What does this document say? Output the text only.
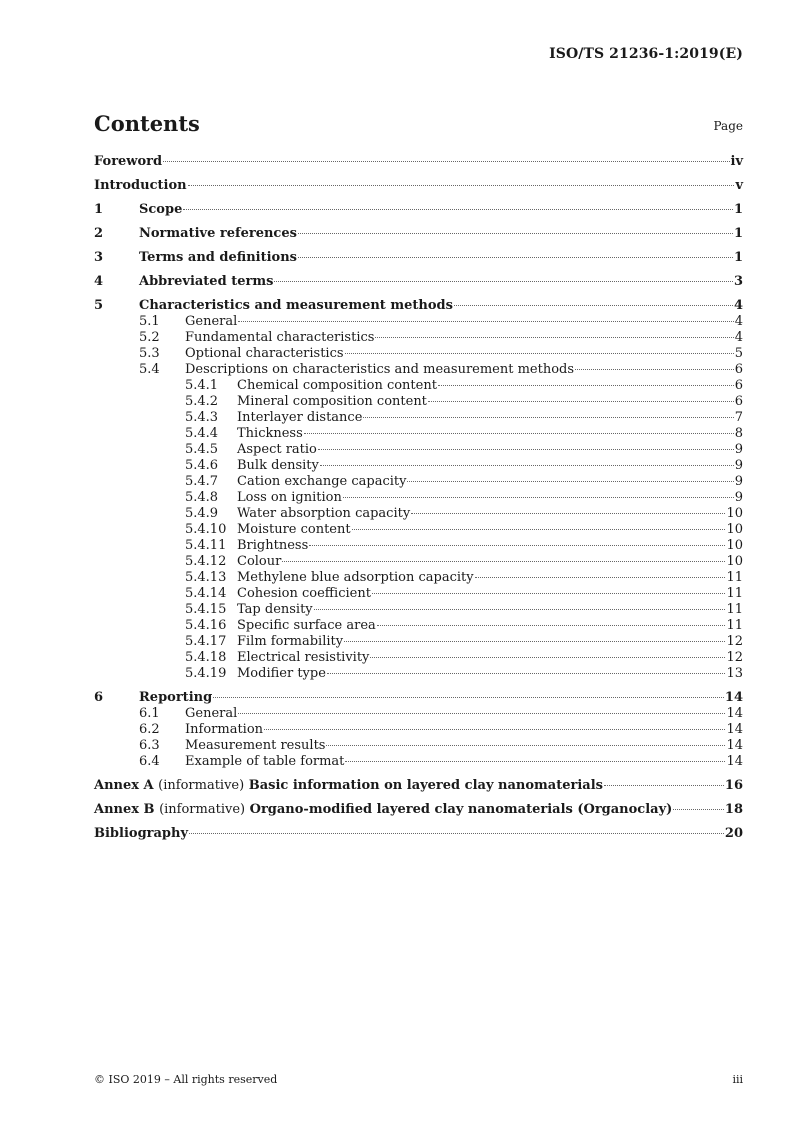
ISO/TS 21236-1:2019(E)
Contents	Page
Foreword	iv
Introduction	v
1	Scope	1
2	Normative references	1
3	Terms and definitions	1
4	Abbreviated terms	3
5	Characteristics and measurement methods	4
5.1	General	4
5.2	Fundamental characteristics	4
5.3	Optional characteristics	5
5.4	Descriptions on characteristics and measurement methods	6
5.4.1	Chemical composition content	6
5.4.2	Mineral composition content	6
5.4.3	Interlayer distance	7
5.4.4	Thickness	8
5.4.5	Aspect ratio	9
5.4.6	Bulk density	9
5.4.7	Cation exchange capacity	9
5.4.8	Loss on ignition	9
5.4.9	Water absorption capacity	10
5.4.10 Moisture content	10
5.4.11 Brightness	10
5.4.12 Colour	10
5.4.13 Methylene blue adsorption capacity	11
5.4.14 Cohesion coefficient	11
5.4.15 Tap density	11
5.4.16 Specific surface area	11
5.4.17 Film formability	12
5.4.18 Electrical resistivity	12
5.4.19 Modifier type	13
6	Reporting	14
6.1	General	14
6.2	Information	14
6.3	Measurement results	14
6.4	Example of table format	14
Annex A (informative) Basic information on layered clay nanomaterials	16
Annex B (informative) Organo-modified layered clay nanomaterials (Organoclay)	18
Bibliography	20
© ISO 2019 – All rights reserved	iii
